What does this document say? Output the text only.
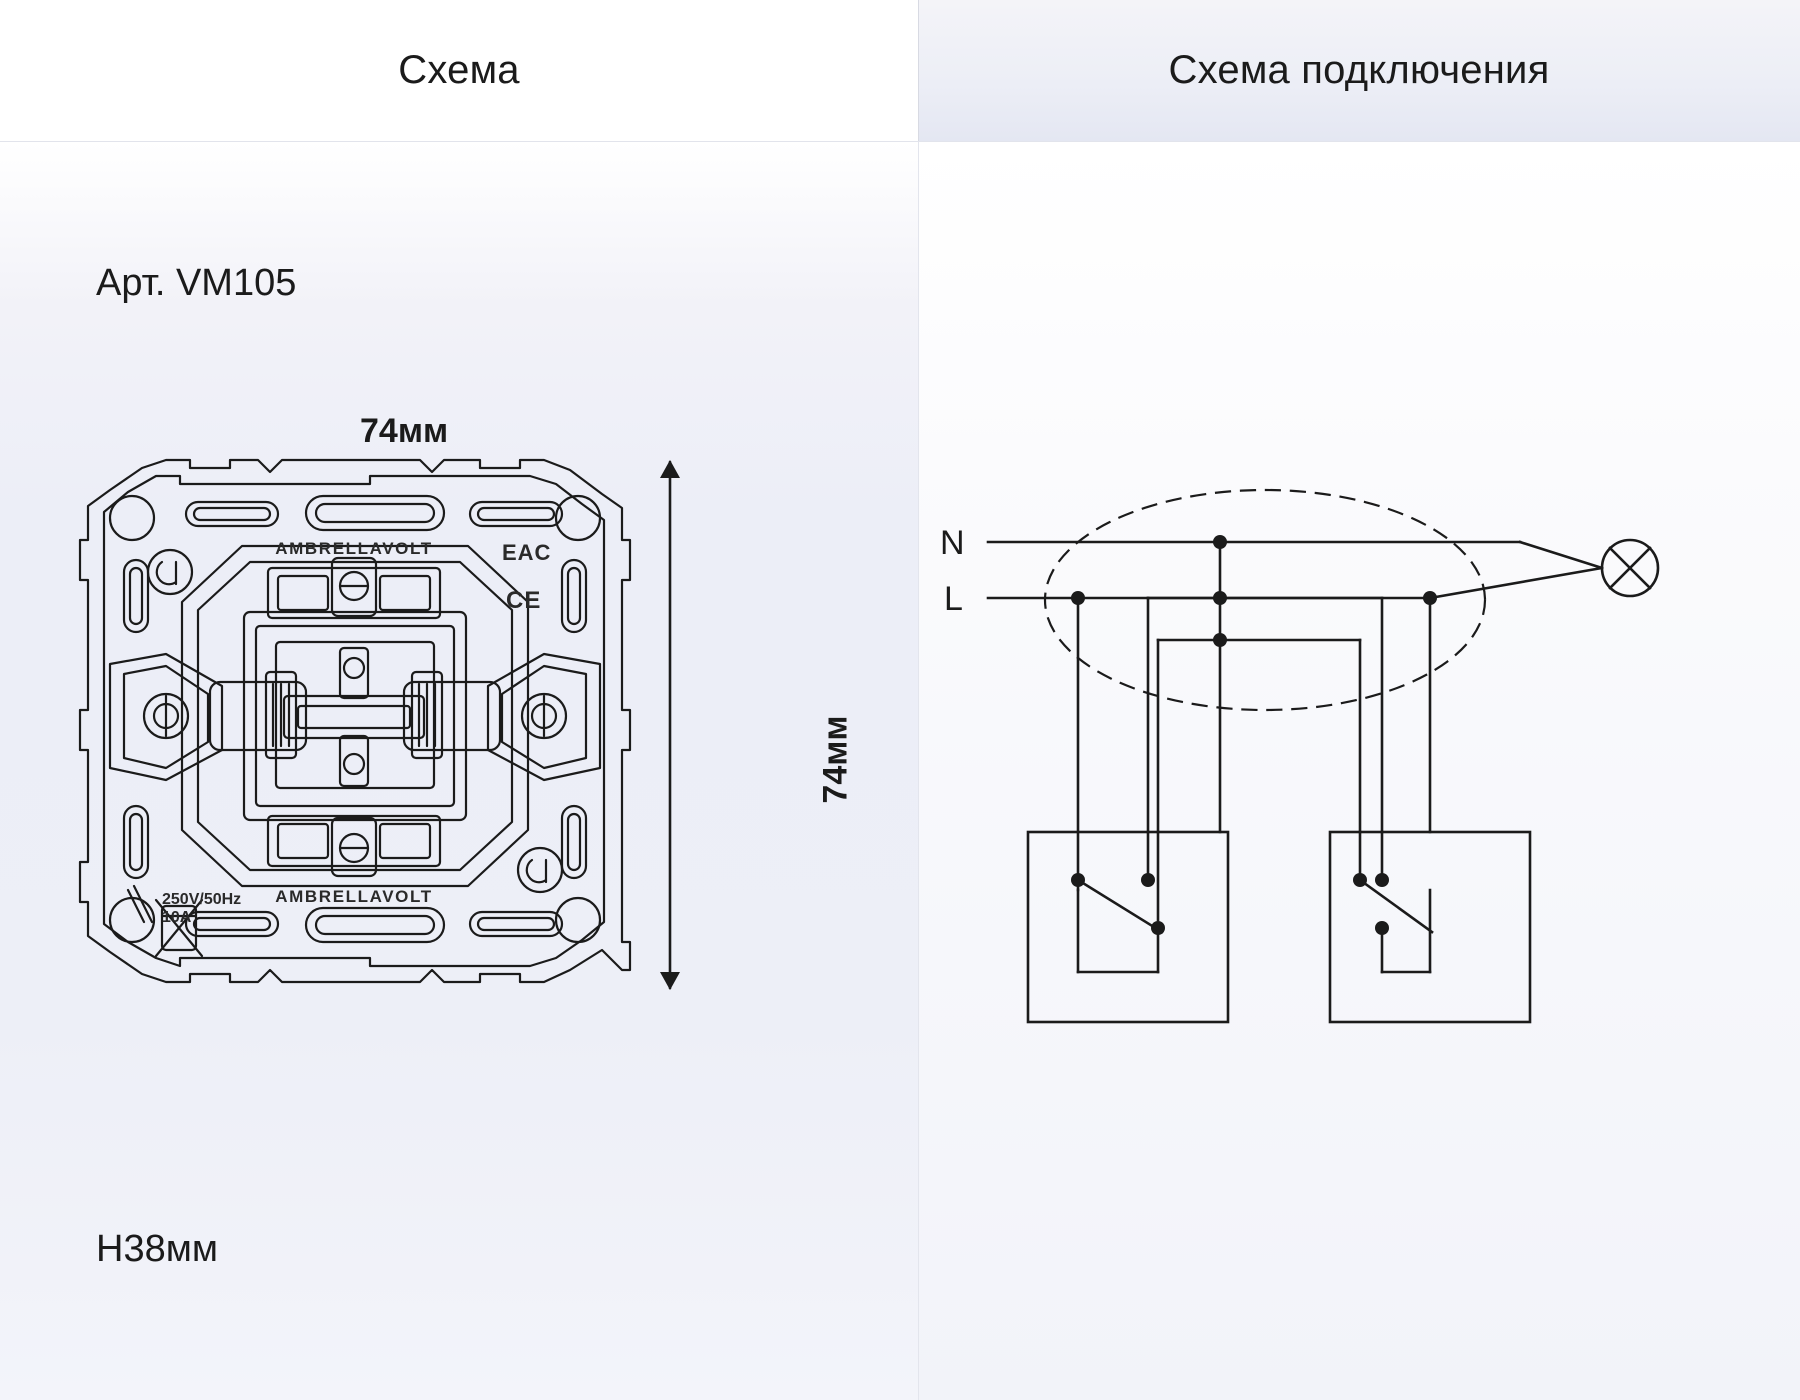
Схема	Схема подключения
Арт. VM105
H38мм
74мм
74мм
AMBRELLAVOLT
AMBRELLAVOLT
250V/50Hz
10A
EAC
CE
N
L
